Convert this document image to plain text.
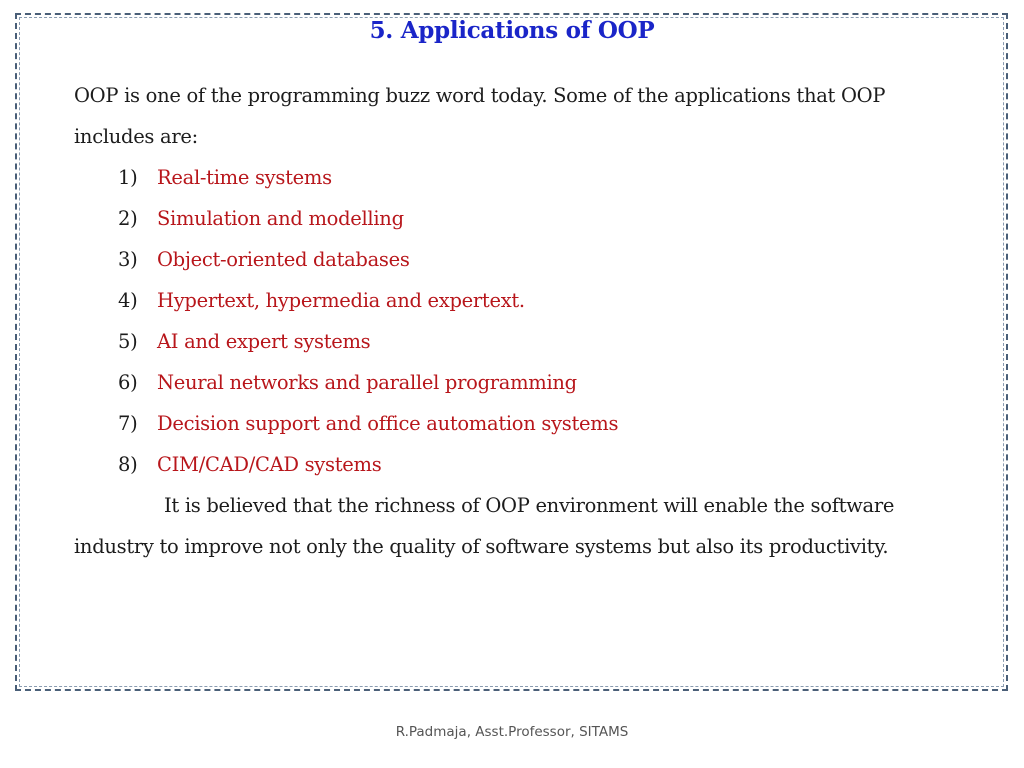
5. Applications of OOP
OOP is one of the programming buzz word today. Some of the applications that OOP
includes are:
1) Real-time systems
2) Simulation and modelling
3) Object-oriented databases
4) Hypertext, hypermedia and expertext.
5) AI and expert systems
6) Neural networks and parallel programming
7) Decision support and office automation systems
8) CIM/CAD/CAD systems
It is believed that the richness of OOP environment will enable the software
industry to improve not only the quality of software systems but also its productivity.
R.Padmaja, Asst.Professor, SITAMS
